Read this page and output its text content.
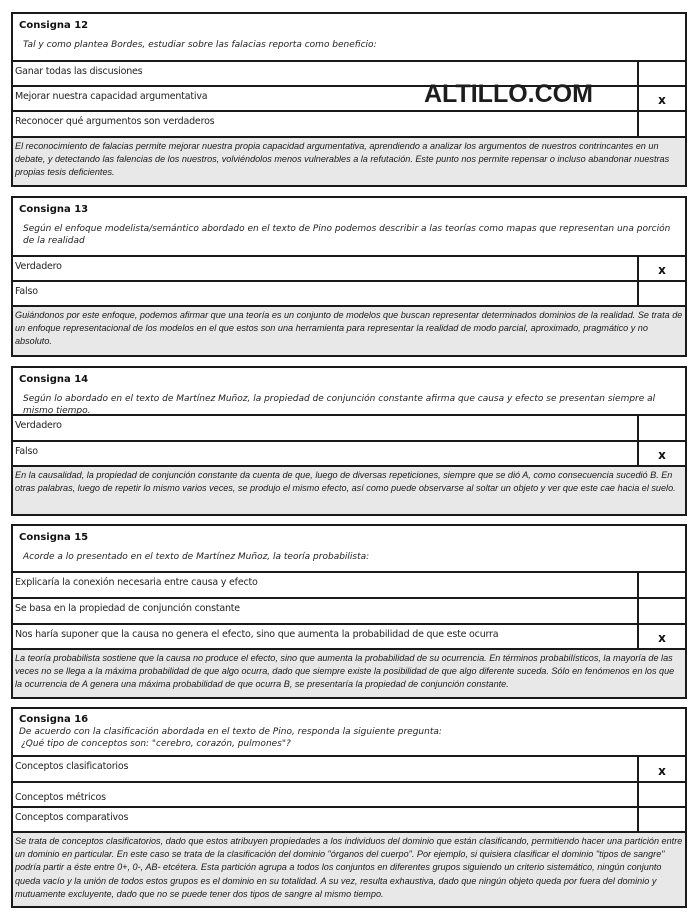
Consigna 12
Tal y como plantea Bordes, estudiar sobre las falacias reporta como beneficio:
Ganar todas las discusiones
Mejorar nuestra capacidad argumentativa	x
Reconocer qué argumentos son verdaderos
El reconocimiento de falacias permite mejorar nuestra propia capacidad argumentativa, aprendiendo a analizar los argumentos de nuestros contrincantes en un debate, y detectando las falencias de los nuestros, volviéndolos menos vulnerables a la refutación. Este punto nos permite repensar o incluso abandonar nuestras propias tesis deficientes.
Consigna 13
Según el enfoque modelista/semántico abordado en el texto de Pino podemos describir a las teorías como mapas que representan una porción de la realidad
Verdadero	x
Falso
Guiándonos por este enfoque, podemos afirmar que una teoría es un conjunto de modelos que buscan representar determinados dominios de la realidad. Se trata de un enfoque representacional de los modelos en el que estos son una herramienta para representar la realidad de modo parcial, aproximado, pragmático y no absoluto.
Consigna 14
Según lo abordado en el texto de Martínez Muñoz, la propiedad de conjunción constante afirma que causa y efecto se presentan siempre al mismo tiempo.
Verdadero
Falso	x
En la causalidad, la propiedad de conjunción constante da cuenta de que, luego de diversas repeticiones, siempre que se dió A, como consecuencia sucedió B. En otras palabras, luego de repetir lo mismo varios veces, se produjo el mismo efecto, así como puede observarse al soltar un objeto y ver que este cae hacia el suelo.
Consigna 15
Acorde a lo presentado en el texto de Martínez Muñoz, la teoría probabilista:
Explicaría la conexión necesaria entre causa y efecto
Se basa en la propiedad de conjunción constante
Nos haría suponer que la causa no genera el efecto, sino que aumenta la probabilidad de que este ocurra	x
La teoría probabilista sostiene que la causa no produce el efecto, sino que aumenta la probabilidad de su ocurrencia. En términos probabilísticos, la mayoría de las veces no se llega a la máxima probabilidad de que algo ocurra, dado que siempre existe la posibilidad de que algo diferente suceda. Sólo en fenómenos en los que la ocurrencia de A genera una máxima probabilidad de que ocurra B, se presentaría la propiedad de conjunción constante.
Consigna 16
De acuerdo con la clasificación abordada en el texto de Pino, responda la siguiente pregunta:
¿Qué tipo de conceptos son: "cerebro, corazón, pulmones"?
Conceptos clasificatorios	x
Conceptos métricos
Conceptos comparativos
Se trata de conceptos clasificatorios, dado que estos atribuyen propiedades a los individuos del dominio que están clasificando, permitiendo hacer una partición entre un dominio en particular. En este caso se trata de la clasificación del dominio "órganos del cuerpo". Por ejemplo, si quisiera clasificar el dominio "tipos de sangre" podría partir a éste entre 0+, 0-, AB- etcétera. Esta partición agrupa a todos los conjuntos en diferentes grupos siguiendo un criterio sistemático, ningún conjunto queda vacío y la unión de todos estos grupos es el dominio en su totalidad. A su vez, resulta exhaustiva, dado que ningún objeto queda por fuera del dominio y mutuamente excluyente, dado que no se puede tener dos tipos de sangre al mismo tiempo.
ALTILLO.COM
